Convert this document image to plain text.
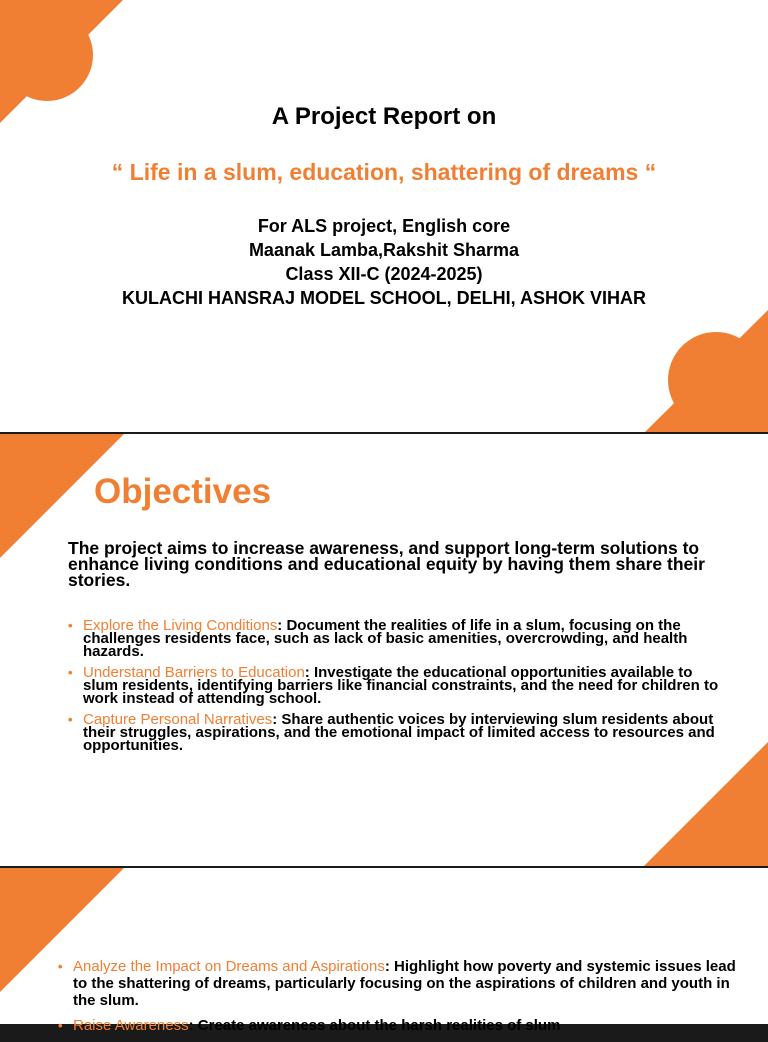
A Project Report on
“ Life in a slum, education, shattering of dreams “
For ALS project, English core
Maanak Lamba,Rakshit Sharma
Class XII-C (2024-2025)
KULACHI HANSRAJ MODEL SCHOOL, DELHI, ASHOK VIHAR
Objectives
The project aims to increase awareness, and support long-term solutions to enhance living conditions and educational equity by having them share their stories.
• Explore the Living Conditions: Document the realities of life in a slum, focusing on the challenges residents face, such as lack of basic amenities, overcrowding, and health hazards.
• Understand Barriers to Education: Investigate the educational opportunities available to slum residents, identifying barriers like financial constraints, and the need for children to work instead of attending school.
• Capture Personal Narratives: Share authentic voices by interviewing slum residents about their struggles, aspirations, and the emotional impact of limited access to resources and opportunities.
• Analyze the Impact on Dreams and Aspirations: Highlight how poverty and systemic issues lead to the shattering of dreams, particularly focusing on the aspirations of children and youth in the slum.
• Raise Awareness: Create awareness about the harsh realities of slum
